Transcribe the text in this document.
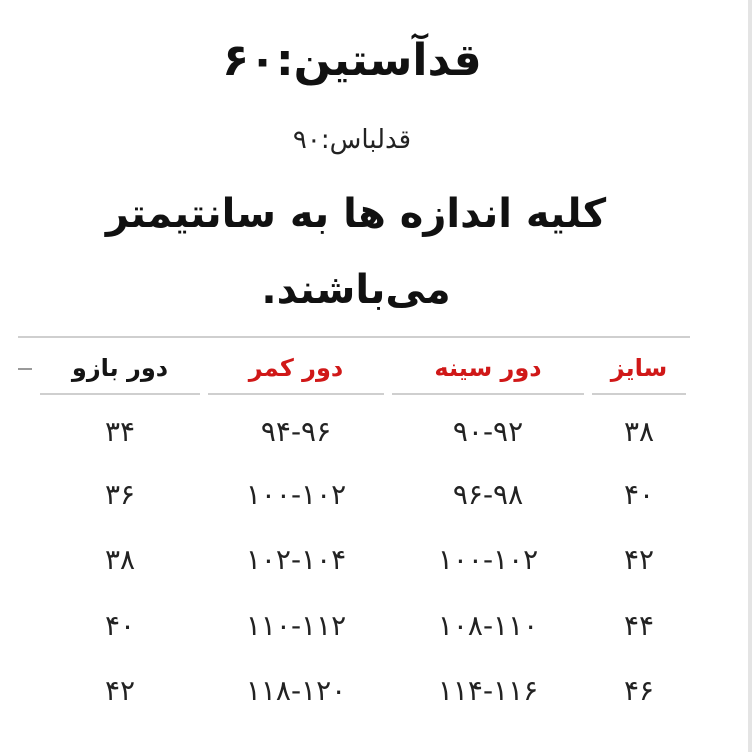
قدآستین:۶۰
قدلباس:۹۰
کلیه اندازه ها به سانتیمتر
می‌باشند.
سایز
دور سینه
دور کمر
دور بازو
۳۸
۹۰-۹۲
۹۴-۹۶
۳۴
۴۰
۹۶-۹۸
۱۰۰-۱۰۲
۳۶
۴۲
۱۰۰-۱۰۲
۱۰۲-۱۰۴
۳۸
۴۴
۱۰۸-۱۱۰
۱۱۰-۱۱۲
۴۰
۴۶
۱۱۴-۱۱۶
۱۱۸-۱۲۰
۴۲
